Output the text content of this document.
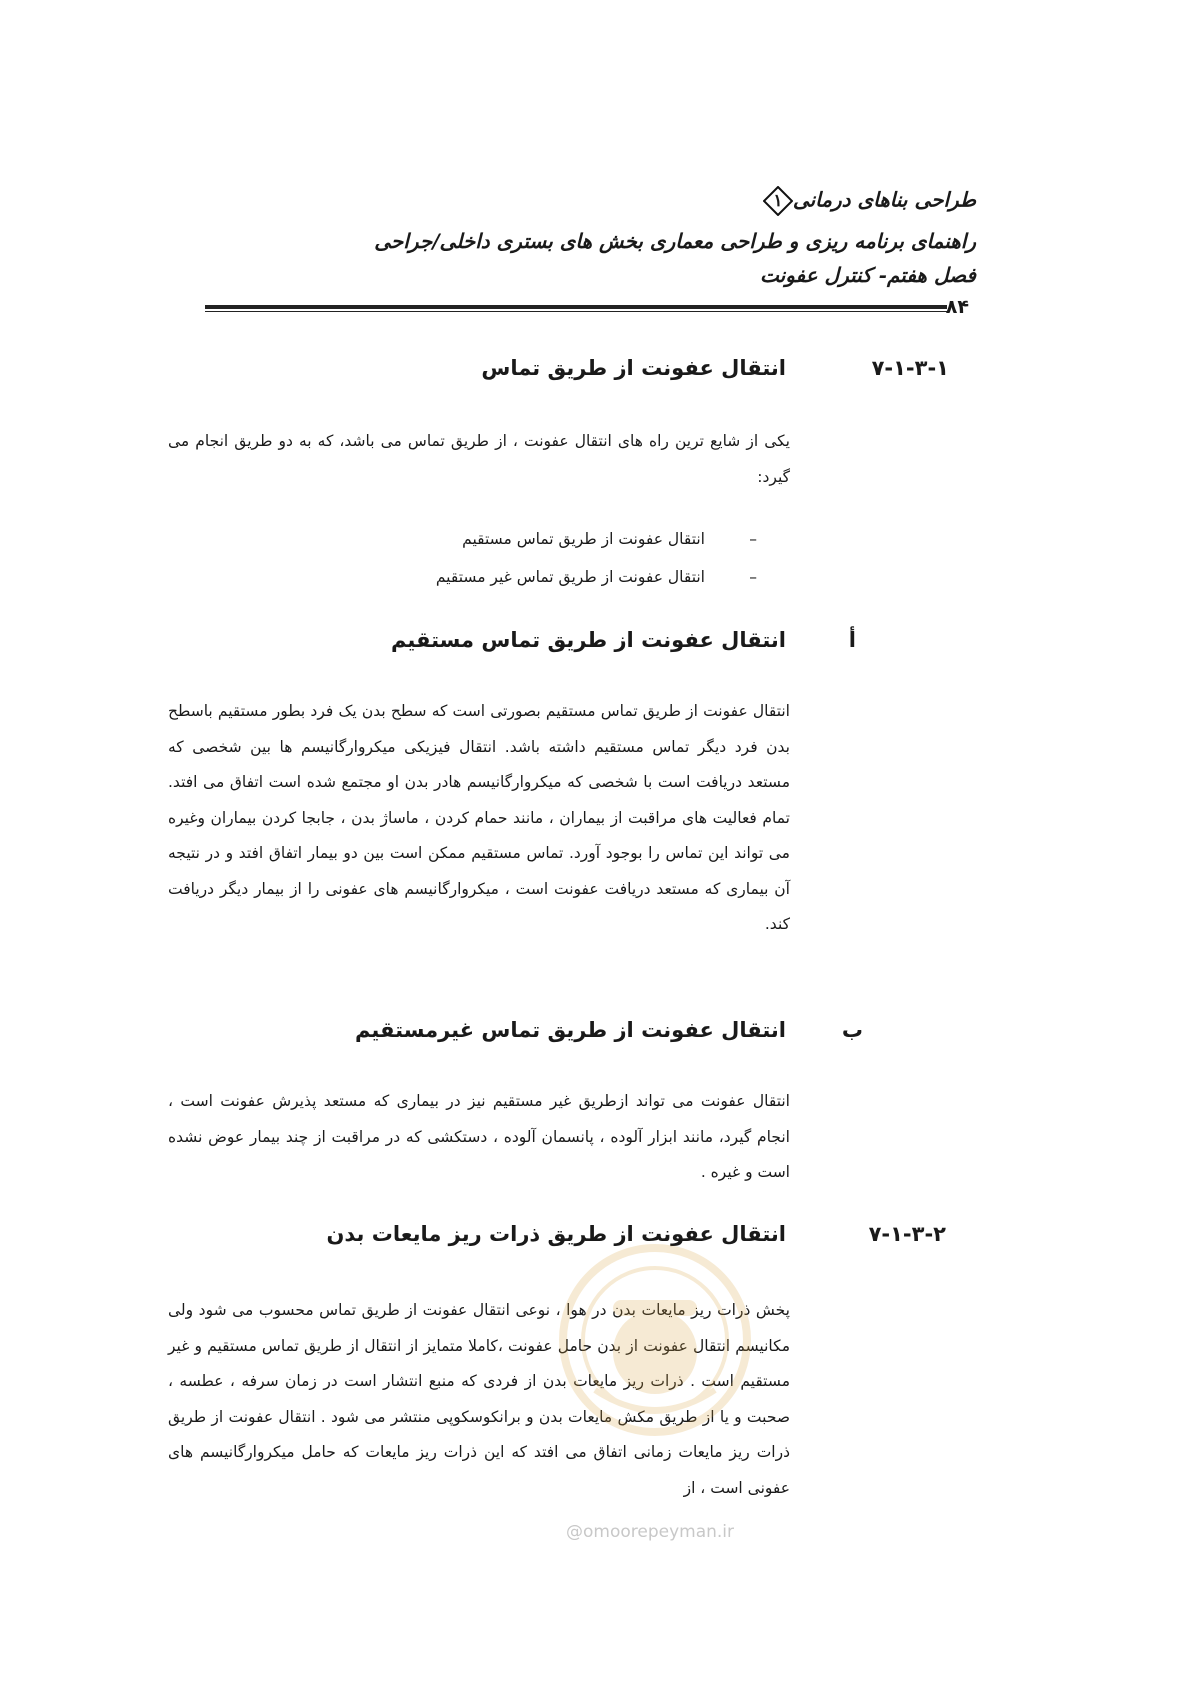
طراحی بناهای درمانی
۱
راهنمای برنامه ریزی و طراحی معماری بخش های بستری داخلی/جراحی
فصل هفتم- کنترل عفونت
۸۴
۷-۱-۳-۱
انتقال عفونت از طریق تماس
یکی از شایع ترین راه های انتقال عفونت ، از طریق تماس می باشد، که به دو طریق انجام می گیرد:
–
انتقال عفونت از طریق تماس مستقیم
–
انتقال عفونت از طریق تماس غیر مستقیم
أ
انتقال عفونت از طریق تماس مستقیم
انتقال عفونت از طریق تماس مستقیم بصورتی است که سطح بدن یک فرد بطور مستقیم باسطح بدن فرد دیگر تماس مستقیم داشته باشد. انتقال فیزیکی میکروارگانیسم ها بین شخصی که مستعد دریافت است با شخصی که میکروارگانیسم هادر بدن او مجتمع شده است اتفاق می افتد. تمام فعالیت های مراقبت از بیماران ، مانند حمام کردن ، ماساژ بدن ، جابجا کردن بیماران وغیره می تواند این تماس را بوجود آورد. تماس مستقیم ممکن است بین دو بیمار اتفاق افتد و در نتیجه آن بیماری که مستعد دریافت عفونت است ، میکروارگانیسم های عفونی را از بیمار دیگر دریافت کند.
ب
انتقال عفونت از طریق تماس غیرمستقیم
انتقال عفونت می تواند ازطریق غیر مستقیم نیز در بیماری که مستعد پذیرش عفونت است ، انجام گیرد، مانند ابزار آلوده ، پانسمان آلوده ، دستکشی که در مراقبت از چند بیمار عوض نشده است و غیره .
۷-۱-۳-۲
انتقال عفونت از طریق ذرات ریز مایعات بدن
پخش ذرات ریز مایعات بدن در هوا ، نوعی انتقال عفونت از طریق تماس محسوب می شود ولی مکانیسم انتقال عفونت از بدن حامل عفونت ،کاملا متمایز از انتقال از طریق تماس مستقیم و غیر مستقیم است . ذرات ریز مایعات بدن از فردی که منبع انتشار است در زمان سرفه ، عطسه ، صحبت و یا از طریق مکش مایعات بدن و برانکوسکوپی منتشر می شود . انتقال عفونت از طریق ذرات ریز مایعات زمانی اتفاق می افتد که این ذرات ریز مایعات که حامل میکروارگانیسم های عفونی است ، از
@omoorepeyman.ir
